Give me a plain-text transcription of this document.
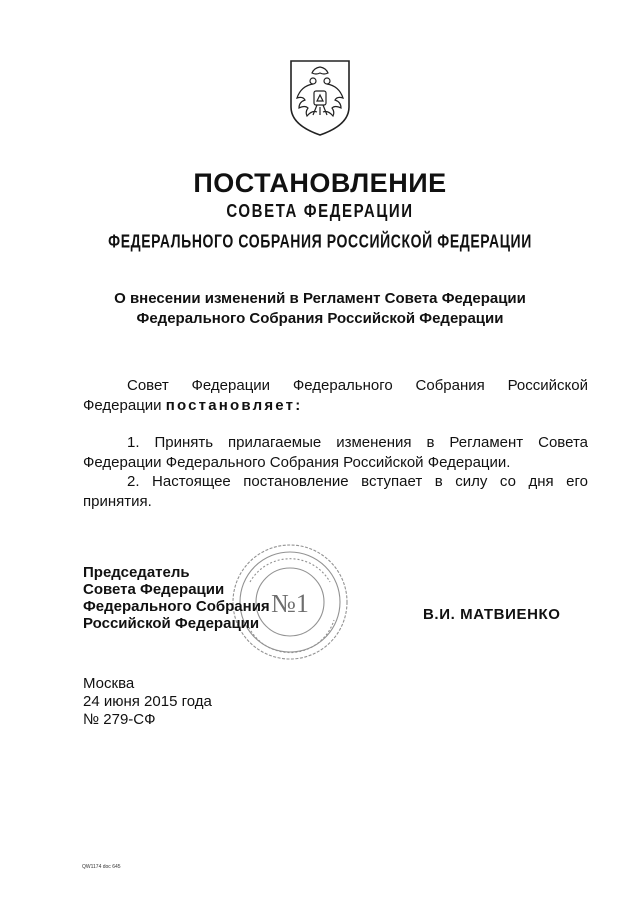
ПОСТАНОВЛЕНИЕ
СОВЕТА ФЕДЕРАЦИИ
ФЕДЕРАЛЬНОГО СОБРАНИЯ РОССИЙСКОЙ ФЕДЕРАЦИИ
О внесении изменений в Регламент Совета Федерации
Федерального Собрания Российской Федерации
Совет Федерации Федерального Собрания Российской
Федерации постановляет:
1. Принять прилагаемые изменения в Регламент Совета
Федерации Федерального Собрания Российской Федерации.
2. Настоящее постановление вступает в силу со дня его
принятия.
№1
Председатель
Совета Федерации
Федерального Собрания
Российской Федерации
В.И. МАТВИЕНКО
Москва
24 июня 2015 года
№ 279-СФ
QW1174 doc 645
